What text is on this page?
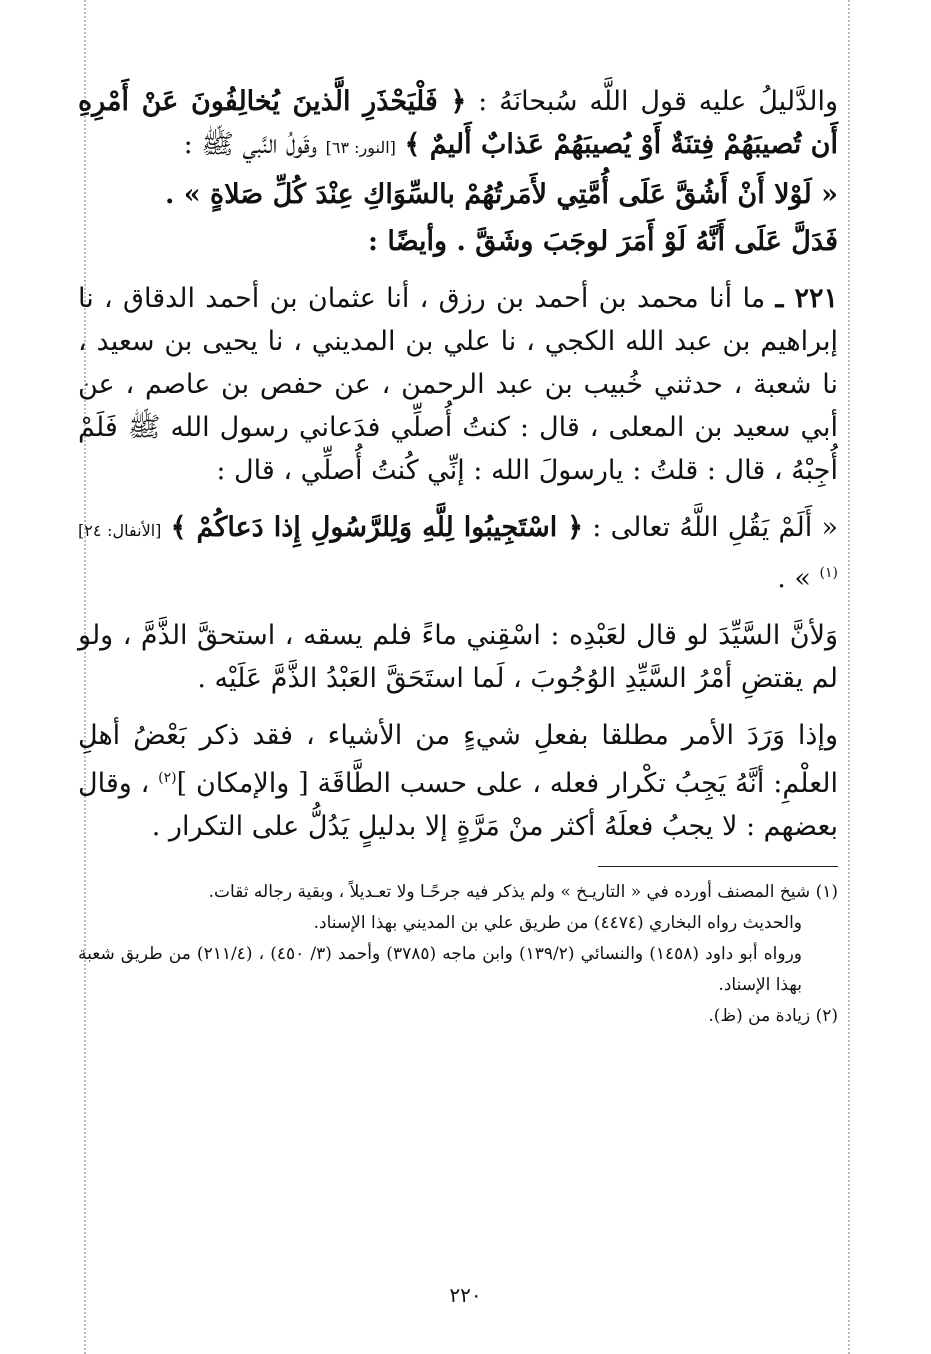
والدَّليلُ عليه قول اللَّه سُبحانَهُ : ﴿ فَلْيَحْذَرِ الَّذينَ يُخالِفُونَ عَنْ أَمْرِهِ أَن تُصيبَهُمْ فِتنَةٌ أَوْ يُصيبَهُمْ عَذابٌ أَليمٌ ﴾ [النور: ٦٣] وقَولُ النَّبي ﷺ :

« لَوْلا أَنْ أَشُقَّ عَلَى أُمَّتِي لأَمَرتُهُمْ بالسِّوَاكِ عِنْدَ كُلِّ صَلاةٍ » .

فَدَلَّ عَلَى أَنَّهُ لَوْ أَمَرَ لوجَبَ وشَقَّ . وأيضًا :

٢٢١ ـ ما أنا محمد بن أحمد بن رزق ، أنا عثمان بن أحمد الدقاق ، نا إبراهيم بن عبد الله الكجي ، نا علي بن المديني ، نا يحيى بن سعيد ، نا شعبة ، حدثني خُبيب بن عبد الرحمن ، عن حفص بن عاصم ، عن أبي سعيد بن المعلى ، قال : كنتُ أُصلِّي فدَعاني رسول الله ﷺ فَلَمْ أُجِبْهُ ، قال : قلتُ : يارسولَ الله : إنِّي كُنتُ أُصلِّي ، قال :

« أَلَمْ يَقُلِ اللَّهُ تعالى : ﴿ اسْتَجِيبُوا لِلَّهِ وَلِلرَّسُولِ إِذا دَعاكُمْ ﴾ [الأنفال: ٢٤]$^{(١)}$ » .

وَلأنَّ السَّيِّدَ لو قال لعَبْدِه : اسْقِني ماءً فلم يسقه ، استحقَّ الذَّمَّ ، ولو لم يقتضِ أمْرُ السَّيِّدِ الوُجُوبَ ، لَما استَحَقَّ العَبْدُ الذَّمَّ عَلَيْه .

وإذا وَرَدَ الأمر مطلقا بفعلِ شيءٍ من الأشياء ، فقد ذكر بَعْضُ أهلِ العلْمِ: أنَّهُ يَجِبُ تكْرار فعله ، على حسب الطَّاقَة [ والإمكان ]$^{(٢)}$ ، وقال بعضهم : لا يجبُ فعلَهُ أكثر منْ مَرَّةٍ إلا بدليلٍ يَدُلُّ على التكرار .

(١) شيخ المصنف أورده في « التاريـخ » ولم يذكر فيه جرحًـا ولا تعـديلاً ، وبقية رجاله ثقات.

والحديث رواه البخاري (٤٤٧٤) من طريق علي بن المديني بهذا الإسناد.

ورواه أبو داود (١٤٥٨) والنسائي (١٣٩/٢) وابن ماجه (٣٧٨٥) وأحمد (٣/ ٤٥٠) ، (٢١١/٤) من طريق شعبة بهذا الإسناد.

(٢) زيادة من (ظ).

٢٢٠
